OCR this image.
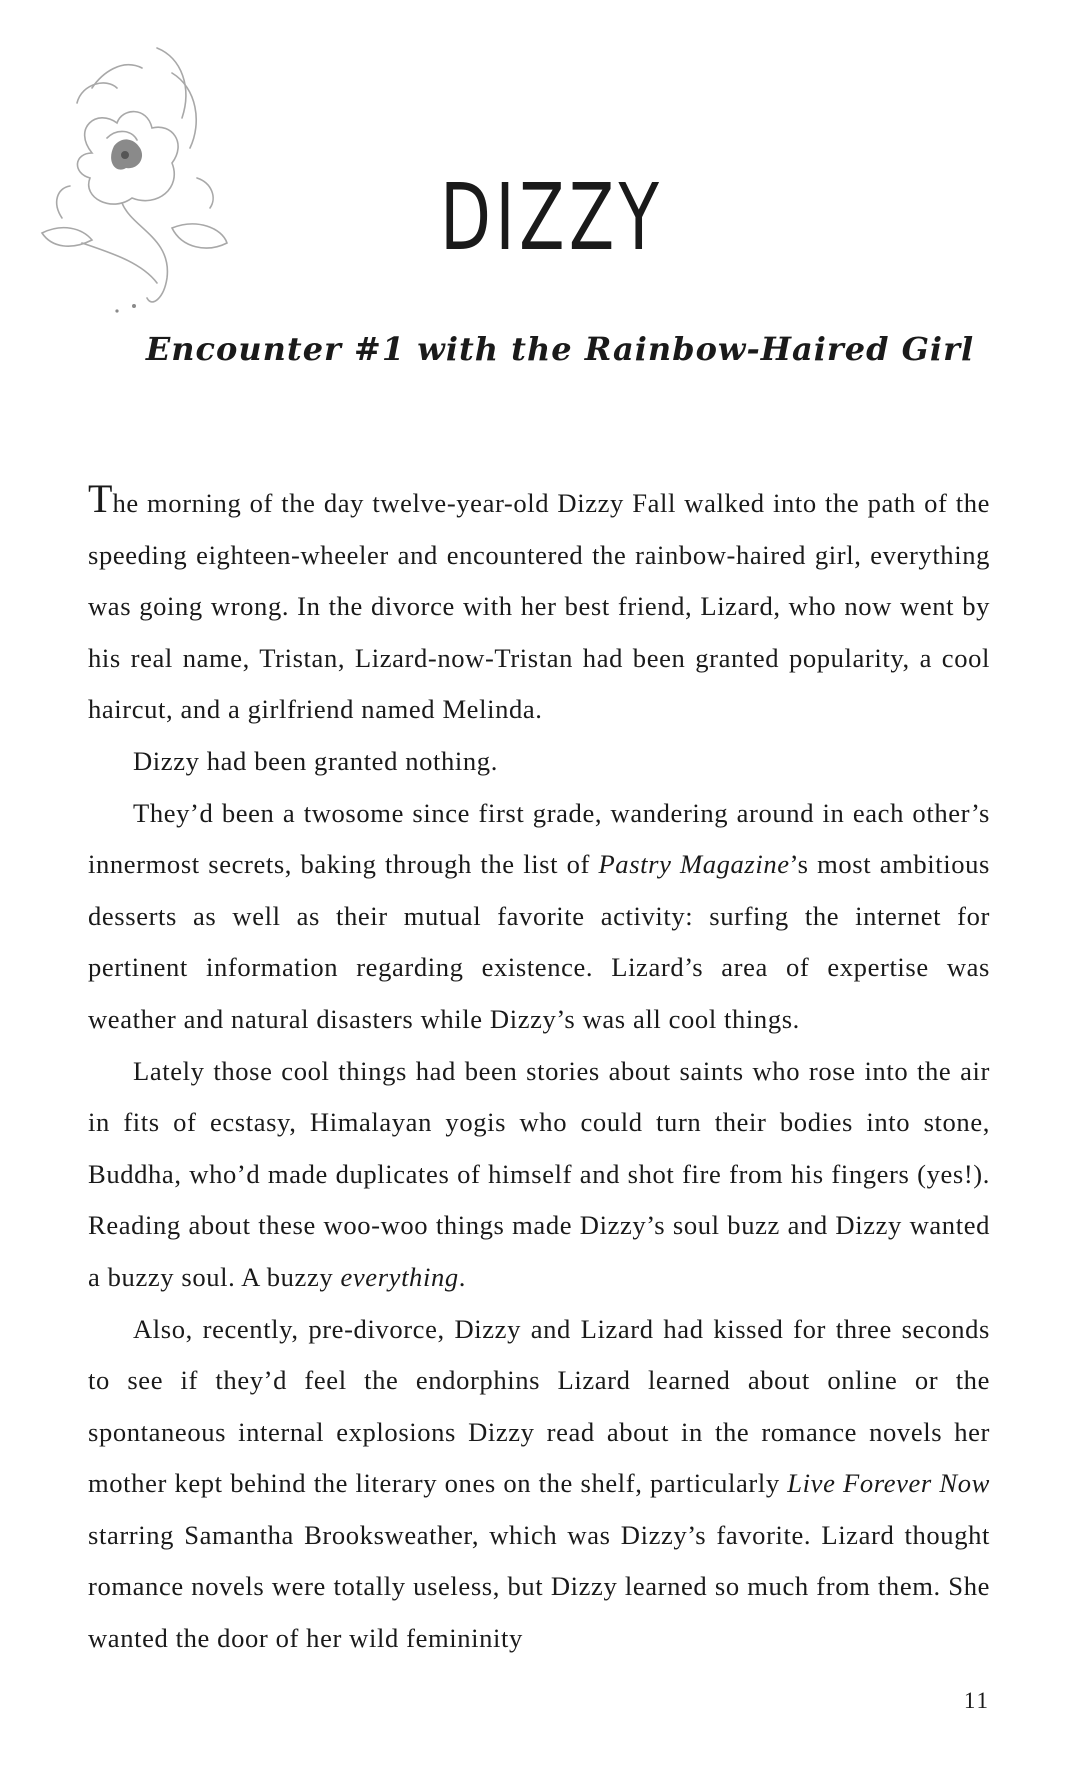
DIZZY
Encounter #1 with the Rainbow-Haired Girl

The morning of the day twelve-year-old Dizzy Fall walked into the path of the speeding eighteen-wheeler and encountered the rainbow-haired girl, everything was going wrong. In the divorce with her best friend, Lizard, who now went by his real name, Tristan, Lizard-now-Tristan had been granted popularity, a cool haircut, and a girlfriend named Melinda.

Dizzy had been granted nothing.

They’d been a twosome since first grade, wandering around in each other’s innermost secrets, baking through the list of Pastry Magazine’s most ambitious desserts as well as their mutual favorite activity: surfing the internet for pertinent information regarding existence. Lizard’s area of expertise was weather and natural disasters while Dizzy’s was all cool things.

Lately those cool things had been stories about saints who rose into the air in fits of ecstasy, Himalayan yogis who could turn their bodies into stone, Buddha, who’d made duplicates of himself and shot fire from his fingers (yes!). Reading about these woo-woo things made Dizzy’s soul buzz and Dizzy wanted a buzzy soul. A buzzy everything.

Also, recently, pre-divorce, Dizzy and Lizard had kissed for three seconds to see if they’d feel the endorphins Lizard learned about online or the spontaneous internal explosions Dizzy read about in the romance novels her mother kept behind the literary ones on the shelf, particularly Live Forever Now starring Samantha Brooksweather, which was Dizzy’s favorite. Lizard thought romance novels were totally useless, but Dizzy learned so much from them. She wanted the door of her wild femininity

11
